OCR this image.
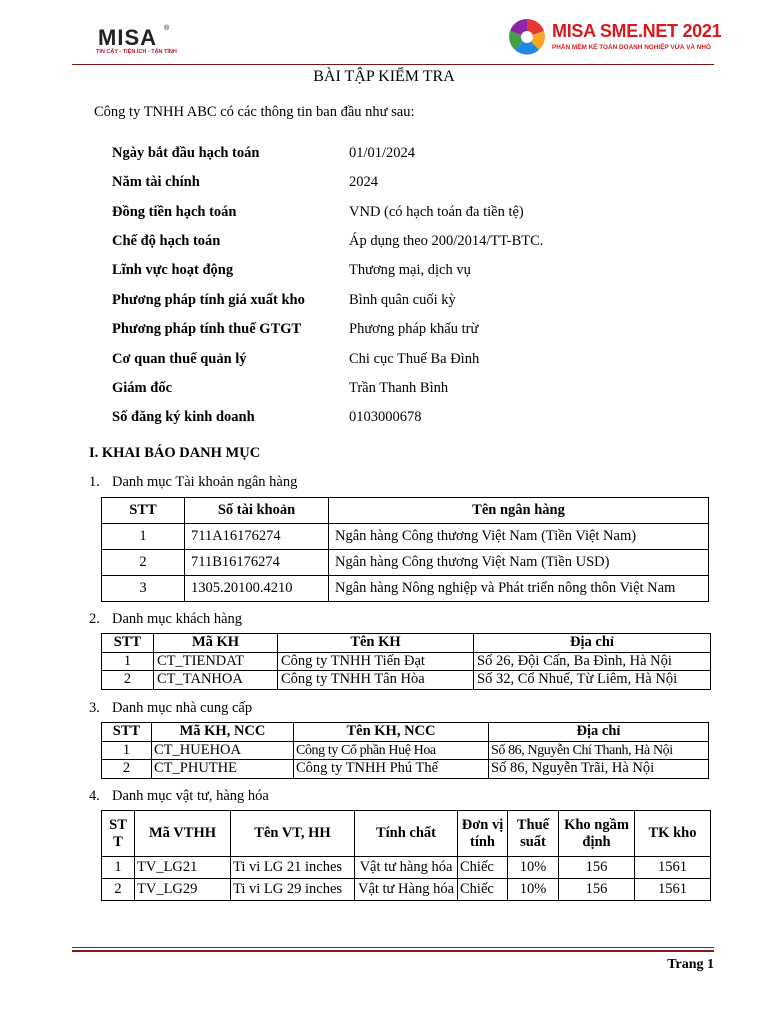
MISA ®
TIN CẬY - TIỆN ÍCH - TẬN TÌNH
MISA SME.NET 2021
PHẦN MỀM KẾ TOÁN DOANH NGHIỆP VỪA VÀ NHỎ
BÀI TẬP KIỂM TRA
Công ty TNHH ABC có các thông tin ban đầu như sau:
Ngày bắt đầu hạch toán	01/01/2024
Năm tài chính	2024
Đồng tiền hạch toán	VND (có hạch toán đa tiền tệ)
Chế độ hạch toán	Áp dụng theo 200/2014/TT-BTC.
Lĩnh vực hoạt động	Thương mại, dịch vụ
Phương pháp tính giá xuất kho	Bình quân cuối kỳ
Phương pháp tính thuế GTGT	Phương pháp khấu trừ
Cơ quan thuế quản lý	Chi cục Thuế Ba Đình
Giám đốc	Trần Thanh Bình
Số đăng ký kinh doanh	0103000678
I. KHAI BÁO DANH MỤC
1. Danh mục Tài khoản ngân hàng
STT	Số tài khoản	Tên ngân hàng
1	711A16176274	Ngân hàng Công thương Việt Nam (Tiền Việt Nam)
2	711B16176274	Ngân hàng Công thương Việt Nam (Tiền USD)
3	1305.20100.4210	Ngân hàng Nông nghiệp và Phát triển nông thôn Việt Nam
2. Danh mục khách hàng
STT	Mã KH	Tên KH	Địa chỉ
1	CT_TIENDAT	Công ty TNHH Tiến Đạt	Số 26, Đội Cấn, Ba Đình, Hà Nội
2	CT_TANHOA	Công ty TNHH Tân Hòa	Số 32, Cổ Nhuế, Từ Liêm, Hà Nội
3. Danh mục nhà cung cấp
STT	Mã KH, NCC	Tên KH, NCC	Địa chỉ
1	CT_HUEHOA	Công ty Cổ phần Huệ Hoa	Số 86, Nguyễn Chí Thanh, Hà Nội
2	CT_PHUTHE	Công ty TNHH Phú Thế	Số 86, Nguyễn Trãi, Hà Nội
4. Danh mục vật tư, hàng hóa
ST T	Mã VTHH	Tên VT, HH	Tính chất	Đơn vị tính	Thuế suất	Kho ngầm định	TK kho
1	TV_LG21	Ti vi LG 21 inches	Vật tư hàng hóa	Chiếc	10%	156	1561
2	TV_LG29	Ti vi LG 29 inches	Vật tư Hàng hóa	Chiếc	10%	156	1561
Trang 1
